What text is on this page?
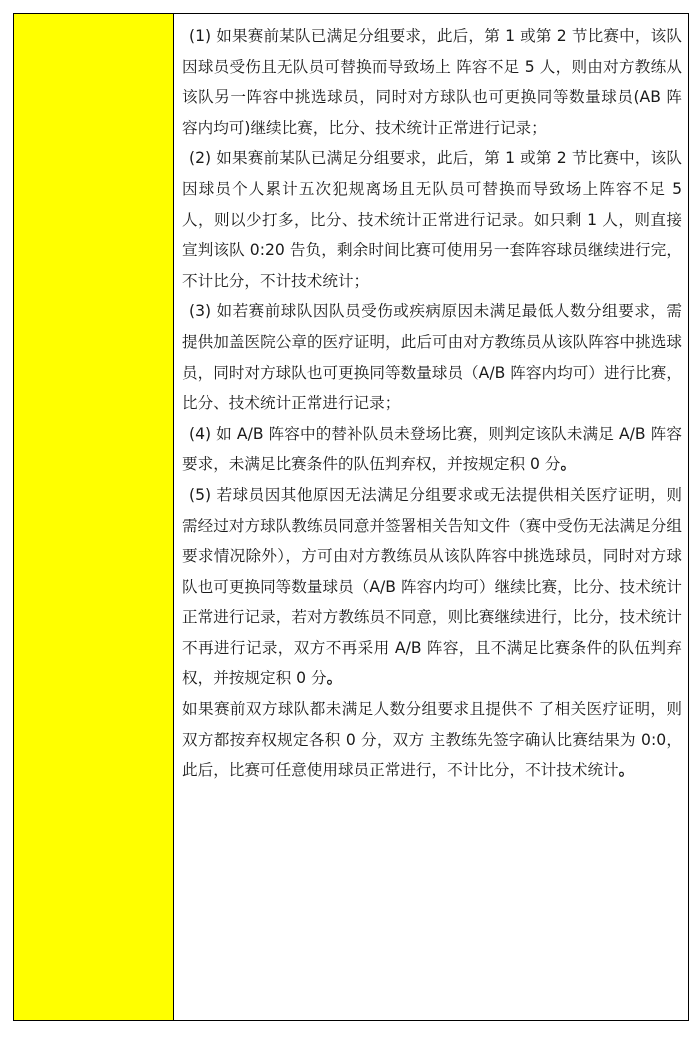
(1) 如果赛前某队已满足分组要求，此后，第 1 或第 2 节比赛中，该队因球员受伤且无队员可替换而导致场上 阵容不足 5 人，则由对方教练从该队另一阵容中挑选球员，同时对方球队也可更换同等数量球员(AB 阵容内均可)继续比赛，比分、技术统计正常进行记录；

(2) 如果赛前某队已满足分组要求，此后，第 1 或第 2 节比赛中，该队因球员个人累计五次犯规离场且无队员可替换而导致场上阵容不足 5 人，则以少打多，比分、技术统计正常进行记录。如只剩 1 人，则直接宣判该队 0:20 告负，剩余时间比赛可使用另一套阵容球员继续进行完，不计比分，不计技术统计；

(3) 如若赛前球队因队员受伤或疾病原因未满足最低人数分组要求，需提供加盖医院公章的医疗证明，此后可由对方教练员从该队阵容中挑选球员，同时对方球队也可更换同等数量球员（A/B 阵容内均可）进行比赛，比分、技术统计正常进行记录；

(4) 如 A/B 阵容中的替补队员未登场比赛，则判定该队未满足 A/B 阵容要求，未满足比赛条件的队伍判弃权，并按规定积 0 分。

(5) 若球员因其他原因无法满足分组要求或无法提供相关医疗证明，则需经过对方球队教练员同意并签署相关告知文件（赛中受伤无法满足分组要求情况除外），方可由对方教练员从该队阵容中挑选球员，同时对方球队也可更换同等数量球员（A/B 阵容内均可）继续比赛，比分、技术统计正常进行记录，若对方教练员不同意，则比赛继续进行，比分，技术统计不再进行记录，双方不再采用 A/B 阵容，且不满足比赛条件的队伍判弃权，并按规定积 0 分。

如果赛前双方球队都未满足人数分组要求且提供不 了相关医疗证明，则双方都按弃权规定各积 0 分，双方 主教练先签字确认比赛结果为 0:0，此后，比赛可任意使用球员正常进行，不计比分，不计技术统计。
